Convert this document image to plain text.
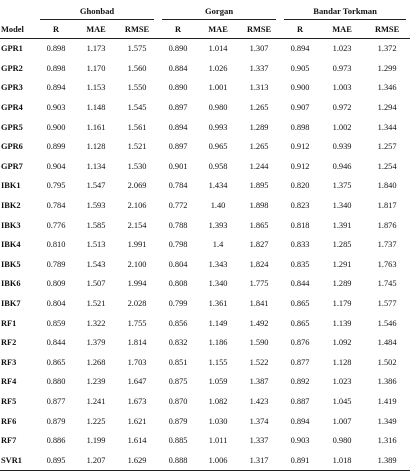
	Ghonbad			Gorgan			Bandar Torkman		

Model	R	MAE	RMSE	R	MAE	RMSE	R	MAE	RMSE
GPR1	0.898	1.173	1.575	0.890	1.014	1.307	0.894	1.023	1.372
GPR2	0.898	1.170	1.560	0.884	1.026	1.337	0.905	0.973	1.299
GPR3	0.894	1.153	1.550	0.890	1.001	1.313	0.900	1.003	1.346
GPR4	0.903	1.148	1.545	0.897	0.980	1.265	0.907	0.972	1.294
GPR5	0.900	1.161	1.561	0.894	0.993	1.289	0.898	1.002	1.344
GPR6	0.899	1.128	1.521	0.897	0.965	1.265	0.912	0.939	1.257
GPR7	0.904	1.134	1.530	0.901	0.958	1.244	0.912	0.946	1.254
IBK1	0.795	1.547	2.069	0.784	1.434	1.895	0.820	1.375	1.840
IBK2	0.784	1.593	2.106	0.772	1.40	1.898	0.823	1.340	1.817
IBK3	0.776	1.585	2.154	0.788	1.393	1.865	0.818	1.391	1.876
IBK4	0.810	1.513	1.991	0.798	1.4	1.827	0.833	1.285	1.737
IBK5	0.789	1.543	2.100	0.804	1.343	1.824	0.835	1.291	1.763
IBK6	0.809	1.507	1.994	0.808	1.340	1.775	0.844	1.289	1.745
IBK7	0.804	1.521	2.028	0.799	1.361	1.841	0.865	1.179	1.577
RF1	0.859	1.322	1.755	0.856	1.149	1.492	0.865	1.139	1.546
RF2	0.844	1.379	1.814	0.832	1.186	1.590	0.876	1.092	1.484
RF3	0.865	1.268	1.703	0.851	1.155	1.522	0.877	1.128	1.502
RF4	0.880	1.239	1.647	0.875	1.059	1.387	0.892	1.023	1.386
RF5	0.877	1.241	1.673	0.870	1.082	1.423	0.887	1.045	1.419
RF6	0.879	1.225	1.621	0.879	1.030	1.374	0.894	1.007	1.349
RF7	0.886	1.199	1.614	0.885	1.011	1.337	0.903	0.980	1.316
SVR1	0.895	1.207	1.629	0.888	1.006	1.317	0.891	1.018	1.389
